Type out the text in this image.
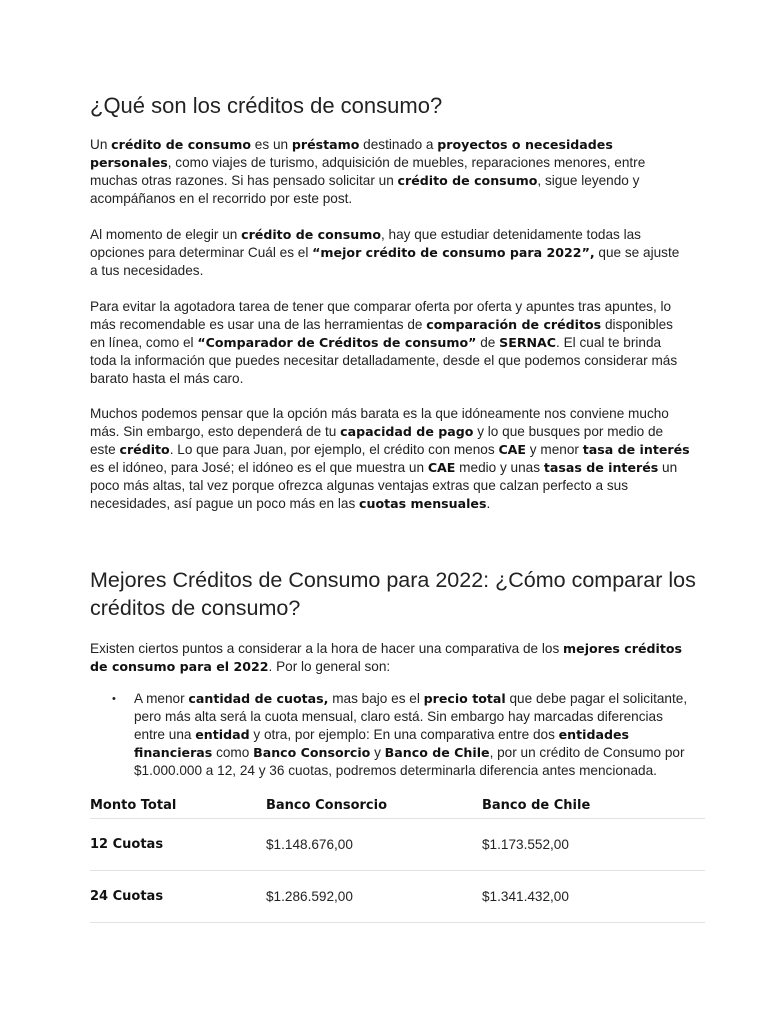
¿Qué son los créditos de consumo?

Un crédito de consumo es un préstamo destinado a proyectos o necesidades personales, como viajes de turismo, adquisición de muebles, reparaciones menores, entre muchas otras razones. Si has pensado solicitar un crédito de consumo, sigue leyendo y acompáñanos en el recorrido por este post.

Al momento de elegir un crédito de consumo, hay que estudiar detenidamente todas las opciones para determinar Cuál es el “mejor crédito de consumo para 2022”, que se ajuste a tus necesidades.

Para evitar la agotadora tarea de tener que comparar oferta por oferta y apuntes tras apuntes, lo más recomendable es usar una de las herramientas de comparación de créditos disponibles en línea, como el “Comparador de Créditos de consumo” de SERNAC. El cual te brinda toda la información que puedes necesitar detalladamente, desde el que podemos considerar más barato hasta el más caro.

Muchos podemos pensar que la opción más barata es la que idóneamente nos conviene mucho más. Sin embargo, esto dependerá de tu capacidad de pago y lo que busques por medio de este crédito. Lo que para Juan, por ejemplo, el crédito con menos CAE y menor tasa de interés es el idóneo, para José; el idóneo es el que muestra un CAE medio y unas tasas de interés un poco más altas, tal vez porque ofrezca algunas ventajas extras que calzan perfecto a sus necesidades, así pague un poco más en las cuotas mensuales.

Mejores Créditos de Consumo para 2022: ¿Cómo comparar los créditos de consumo?

Existen ciertos puntos a considerar a la hora de hacer una comparativa de los mejores créditos de consumo para el 2022. Por lo general son:

• A menor cantidad de cuotas, mas bajo es el precio total que debe pagar el solicitante, pero más alta será la cuota mensual, claro está. Sin embargo hay marcadas diferencias entre una entidad y otra, por ejemplo: En una comparativa entre dos entidades financieras como Banco Consorcio y Banco de Chile, por un crédito de Consumo por $1.000.000 a 12, 24 y 36 cuotas, podremos determinarla diferencia antes mencionada.
Monto Total	Banco Consorcio	Banco de Chile
12 Cuotas	$1.148.676,00	$1.173.552,00
24 Cuotas	$1.286.592,00	$1.341.432,00
